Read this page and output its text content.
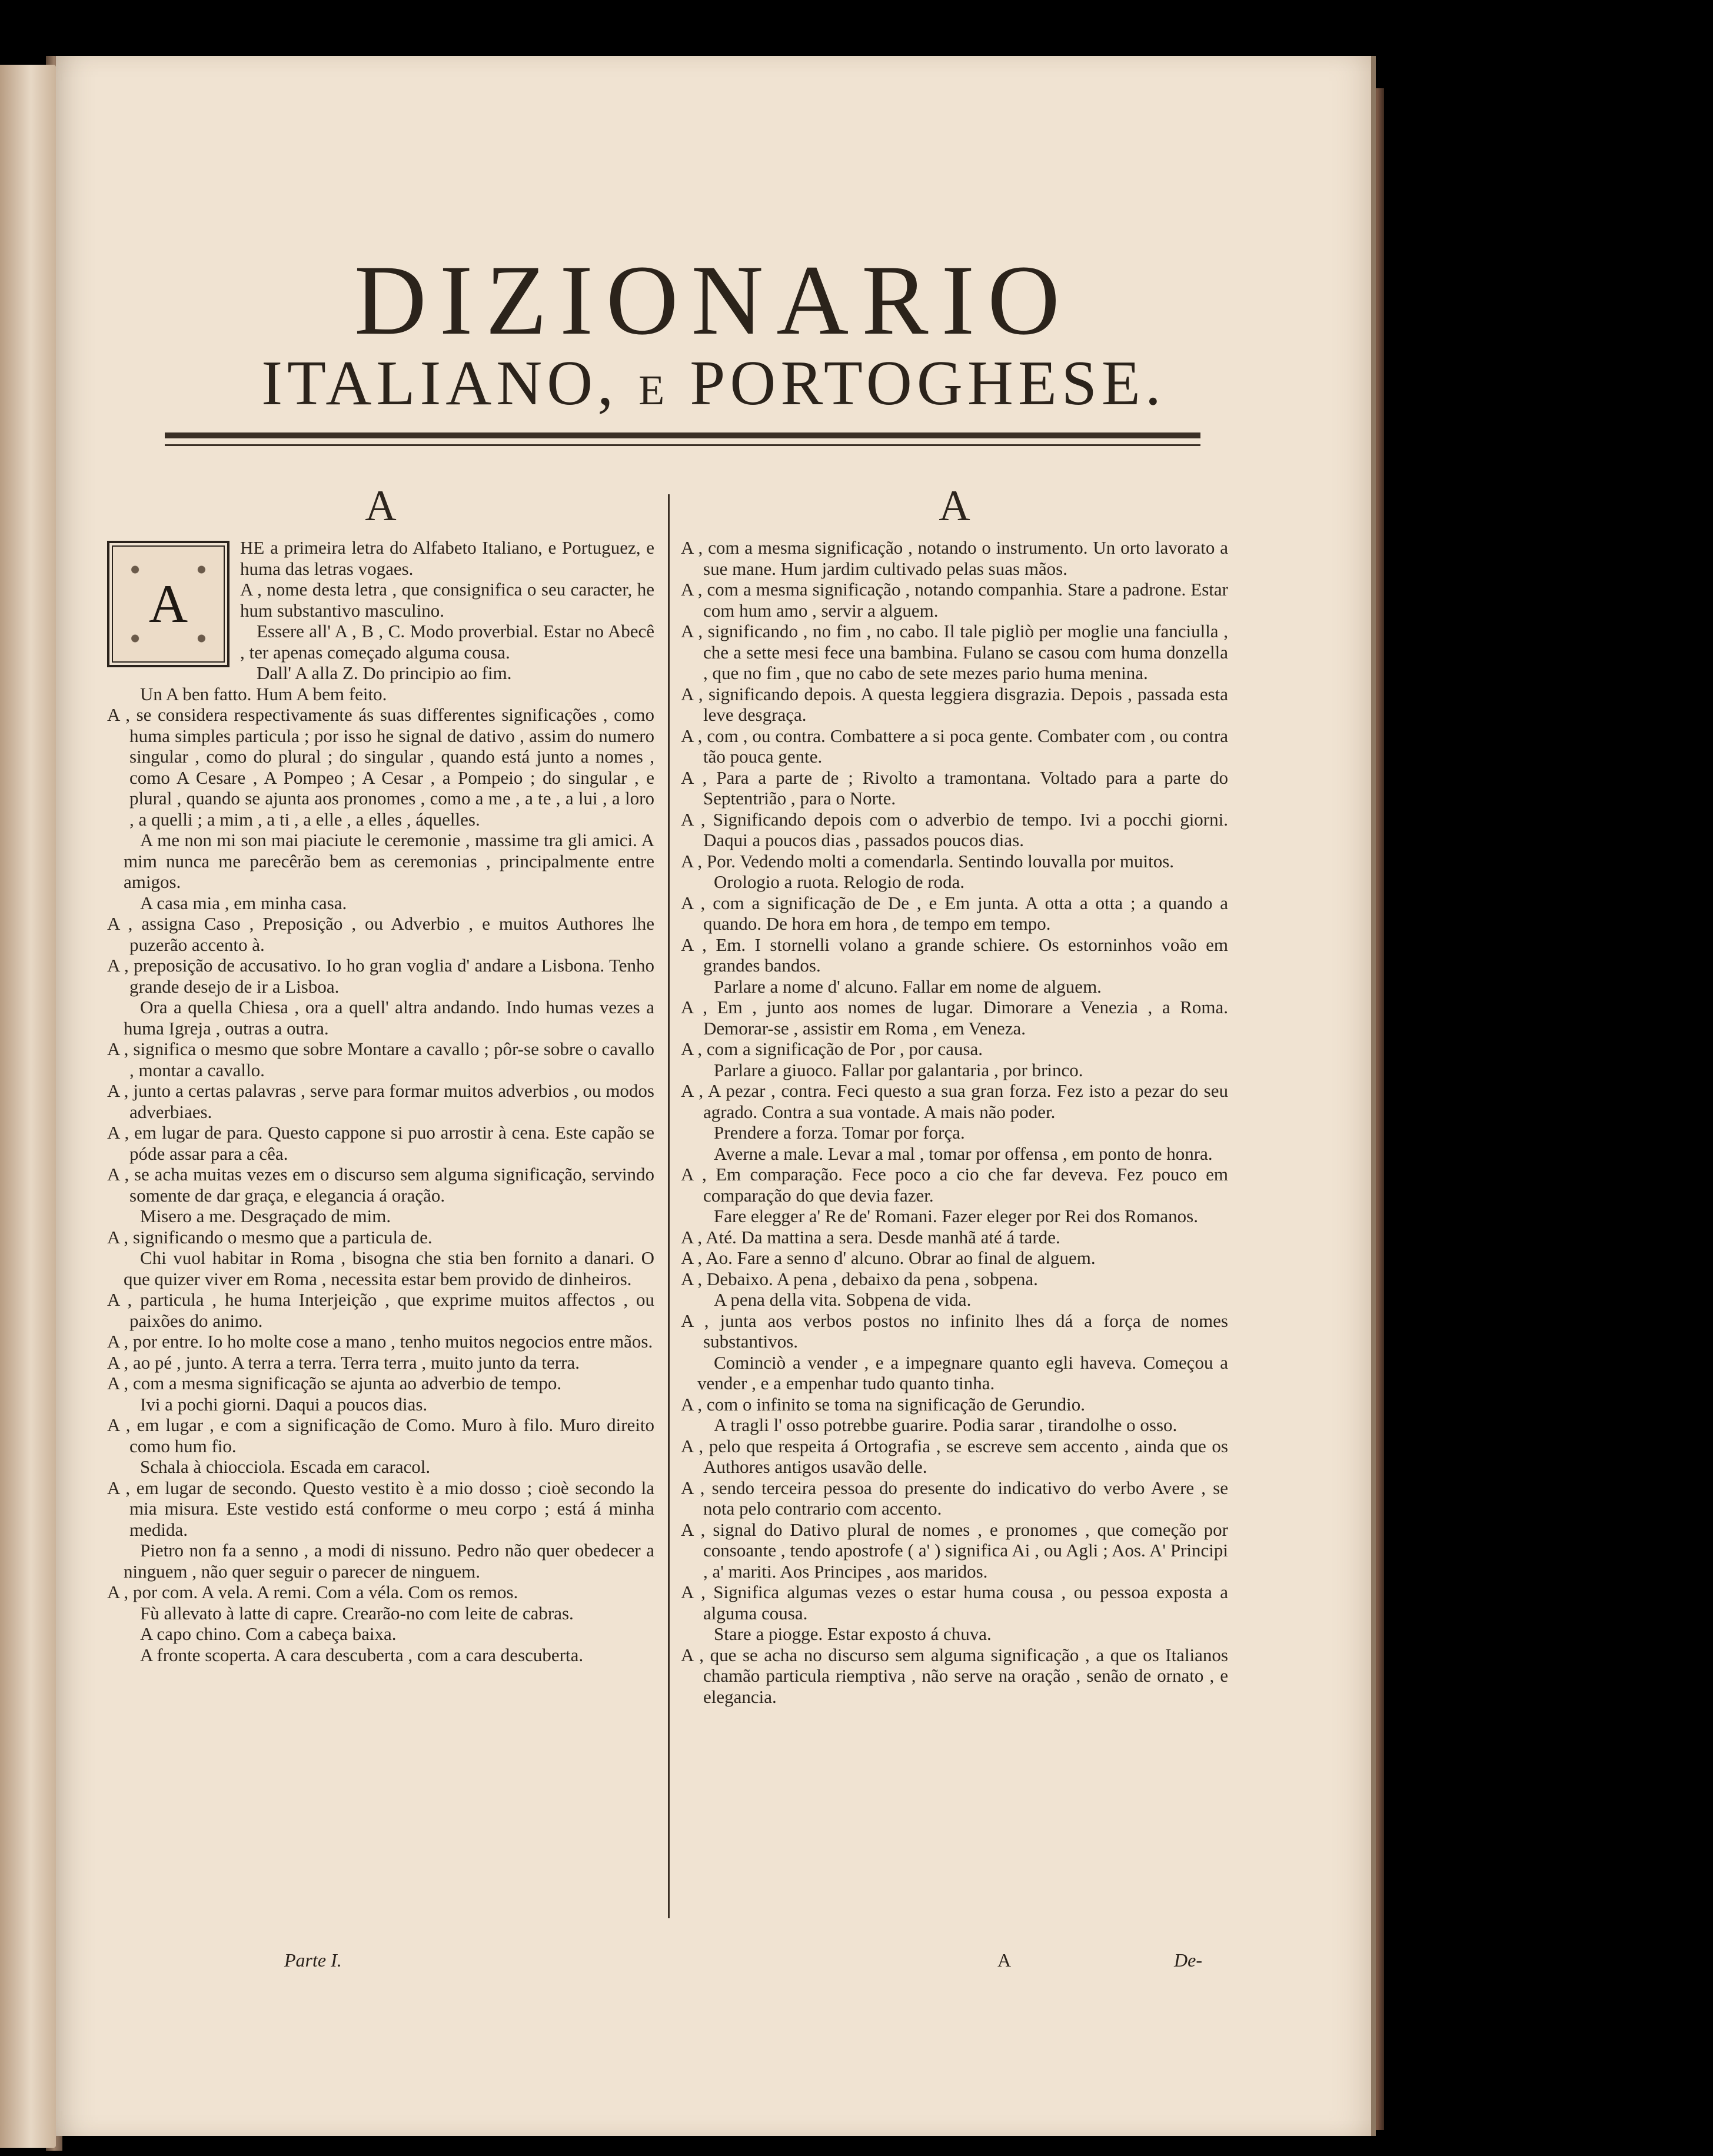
DIZIONARIO
ITALIANO, E PORTOGHESE.
A
A

HE a primeira letra do Alfabeto Italiano, e Portuguez, e huma das letras vogaes.

A , nome desta letra , que consignifica o seu caracter, he hum substantivo masculino.

Essere all' A , B , C. Modo proverbial. Estar no Abecê , ter apenas começado alguma cousa.

Dall' A alla Z. Do principio ao fim.

Un A ben fatto. Hum A bem feito.

A , se considera respectivamente ás suas differentes significações , como huma simples particula ; por isso he signal de dativo , assim do numero singular , como do plural ; do singular , quando está junto a nomes , como A Cesare , A Pompeo ; A Cesar , a Pompeio ; do singular , e plural , quando se ajunta aos pronomes , como a me , a te , a lui , a loro , a quelli ; a mim , a ti , a elle , a elles , áquelles.

A me non mi son mai piaciute le ceremonie , massime tra gli amici. A mim nunca me parecêrão bem as ceremonias , principalmente entre amigos.

A casa mia , em minha casa.

A , assigna Caso , Preposição , ou Adverbio , e muitos Authores lhe puzerão accento à.

A , preposição de accusativo. Io ho gran voglia d' andare a Lisbona. Tenho grande desejo de ir a Lisboa.

Ora a quella Chiesa , ora a quell' altra andando. Indo humas vezes a huma Igreja , outras a outra.

A , significa o mesmo que sobre Montare a cavallo ; pôr-se sobre o cavallo , montar a cavallo.

A , junto a certas palavras , serve para formar muitos adverbios , ou modos adverbiaes.

A , em lugar de para. Questo cappone si puo arrostir à cena. Este capão se póde assar para a cêa.

A , se acha muitas vezes em o discurso sem alguma significação, servindo somente de dar graça, e elegancia á oração.

Misero a me. Desgraçado de mim.

A , significando o mesmo que a particula de.

Chi vuol habitar in Roma , bisogna che stia ben fornito a danari. O que quizer viver em Roma , necessita estar bem provido de dinheiros.

A , particula , he huma Interjeição , que exprime muitos affectos , ou paixões do animo.

A , por entre. Io ho molte cose a mano , tenho muitos negocios entre mãos.

A , ao pé , junto. A terra a terra. Terra terra , muito junto da terra.

A , com a mesma significação se ajunta ao adverbio de tempo.

Ivi a pochi giorni. Daqui a poucos dias.

A , em lugar , e com a significação de Como. Muro à filo. Muro direito como hum fio.

Schala à chiocciola. Escada em caracol.

A , em lugar de secondo. Questo vestito è a mio dosso ; cioè secondo la mia misura. Este vestido está conforme o meu corpo ; está á minha medida.

Pietro non fa a senno , a modi di nissuno. Pedro não quer obedecer a ninguem , não quer seguir o parecer de ninguem.

A , por com. A vela. A remi. Com a véla. Com os remos.

Fù allevato à latte di capre. Crearão-no com leite de cabras.

A capo chino. Com a cabeça baixa.

A fronte scoperta. A cara descuberta , com a cara descuberta.

A

A , com a mesma significação , notando o instrumento. Un orto lavorato a sue mane. Hum jardim cultivado pelas suas mãos.

A , com a mesma significação , notando companhia. Stare a padrone. Estar com hum amo , servir a alguem.

A , significando , no fim , no cabo. Il tale pigliò per moglie una fanciulla , che a sette mesi fece una bambina. Fulano se casou com huma donzella , que no fim , que no cabo de sete mezes pario huma menina.

A , significando depois. A questa leggiera disgrazia. Depois , passada esta leve desgraça.

A , com , ou contra. Combattere a si poca gente. Combater com , ou contra tão pouca gente.

A , Para a parte de ; Rivolto a tramontana. Voltado para a parte do Septentrião , para o Norte.

A , Significando depois com o adverbio de tempo. Ivi a pocchi giorni. Daqui a poucos dias , passados poucos dias.

A , Por. Vedendo molti a comendarla. Sentindo louvalla por muitos.

Orologio a ruota. Relogio de roda.

A , com a significação de De , e Em junta. A otta a otta ; a quando a quando. De hora em hora , de tempo em tempo.

A , Em. I stornelli volano a grande schiere. Os estorninhos voão em grandes bandos.

Parlare a nome d' alcuno. Fallar em nome de alguem.

A , Em , junto aos nomes de lugar. Dimorare a Venezia , a Roma. Demorar-se , assistir em Roma , em Veneza.

A , com a significação de Por , por causa.

Parlare a giuoco. Fallar por galantaria , por brinco.

A , A pezar , contra. Feci questo a sua gran forza. Fez isto a pezar do seu agrado. Contra a sua vontade. A mais não poder.

Prendere a forza. Tomar por força.

Averne a male. Levar a mal , tomar por offensa , em ponto de honra.

A , Em comparação. Fece poco a cio che far deveva. Fez pouco em comparação do que devia fazer.

Fare elegger a' Re de' Romani. Fazer eleger por Rei dos Romanos.

A , Até. Da mattina a sera. Desde manhã até á tarde.

A , Ao. Fare a senno d' alcuno. Obrar ao final de alguem.

A , Debaixo. A pena , debaixo da pena , sobpena.

A pena della vita. Sobpena de vida.

A , junta aos verbos postos no infinito lhes dá a força de nomes substantivos.

Cominciò a vender , e a impegnare quanto egli haveva. Começou a vender , e a empenhar tudo quanto tinha.

A , com o infinito se toma na significação de Gerundio.

A tragli l' osso potrebbe guarire. Podia sarar , tirandolhe o osso.

A , pelo que respeita á Ortografia , se escreve sem accento , ainda que os Authores antigos usavão delle.

A , sendo terceira pessoa do presente do indicativo do verbo Avere , se nota pelo contrario com accento.

A , signal do Dativo plural de nomes , e pronomes , que começão por consoante , tendo apostrofe ( a' ) significa Ai , ou Agli ; Aos. A' Principi , a' mariti. Aos Principes , aos maridos.

A , Significa algumas vezes o estar huma cousa , ou pessoa exposta a alguma cousa.

Stare a piogge. Estar exposto á chuva.

A , que se acha no discurso sem alguma significação , a que os Italianos chamão particula riemptiva , não serve na oração , senão de ornato , e elegancia.

Parte I.	A	De-
